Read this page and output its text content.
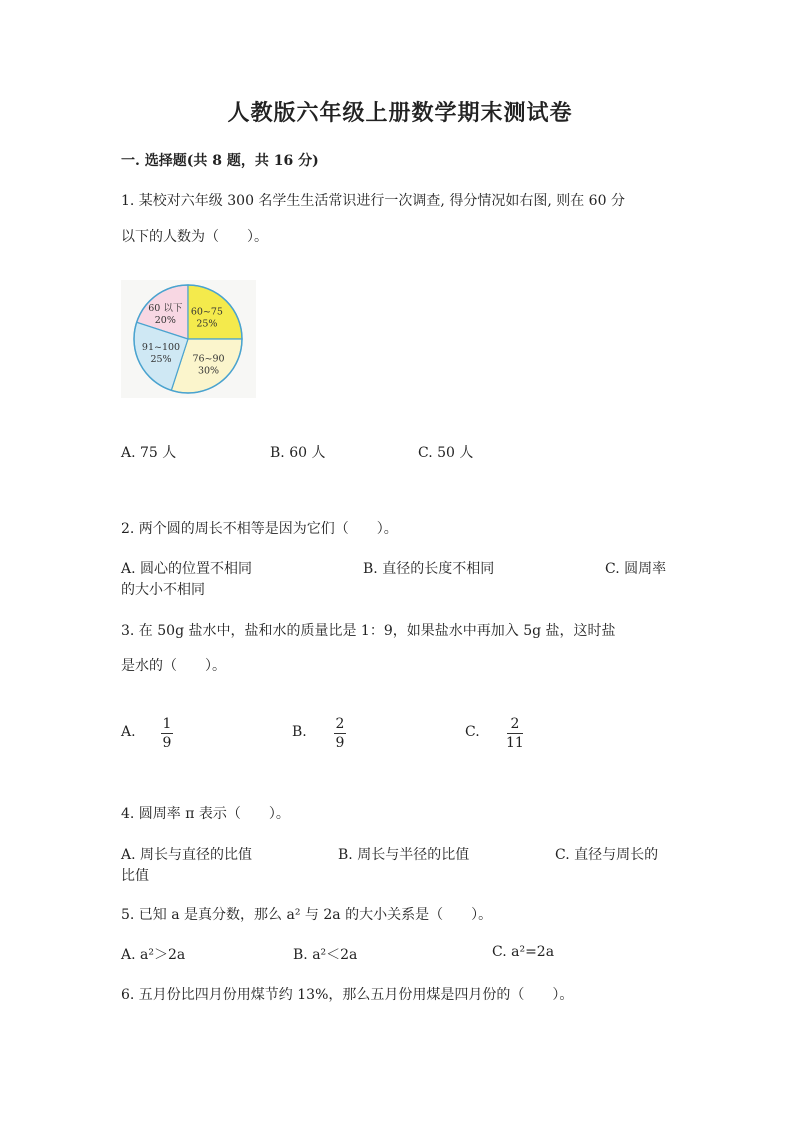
人教版六年级上册数学期末测试卷
一. 选择题(共 8 题，共 16 分)
1. 某校对六年级 300 名学生生活常识进行一次调查, 得分情况如右图, 则在 60 分
以下的人数为（　　）。
60 以下
20%
60~75
25%
76~90
30%
91~100
25%
A. 75 人	B. 60 人	C. 50 人
2. 两个圆的周长不相等是因为它们（　　）。
A. 圆心的位置不相同	B. 直径的长度不相同	C. 圆周率
的大小不相同
3. 在 50g 盐水中，盐和水的质量比是 1：9，如果盐水中再加入 5g 盐，这时盐
是水的（　　）。
A. 1
9
B. 2
9
C. 2
11
4. 圆周率 π 表示（　　）。
A. 周长与直径的比值	B. 周长与半径的比值	C. 直径与周长的
比值
5. 已知 a 是真分数，那么 a² 与 2a 的大小关系是（　　）。
A. a²＞2a	B. a²＜2a	C. a²=2a
6. 五月份比四月份用煤节约 13%，那么五月份用煤是四月份的（　　）。
